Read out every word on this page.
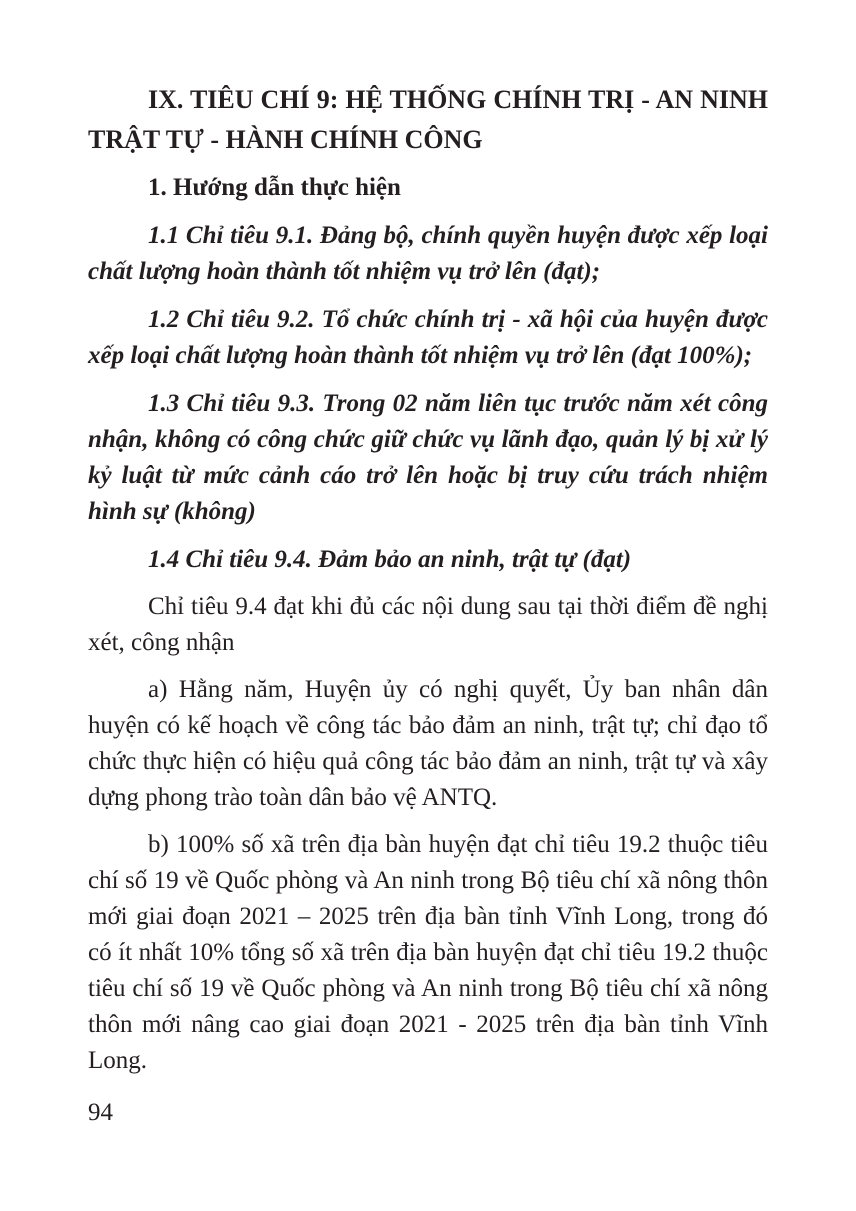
IX. TIÊU CHÍ 9: HỆ THỐNG CHÍNH TRỊ - AN NINH TRẬT TỰ - HÀNH CHÍNH CÔNG
1. Hướng dẫn thực hiện

1.1 Chỉ tiêu 9.1. Đảng bộ, chính quyền huyện được xếp loại chất lượng hoàn thành tốt nhiệm vụ trở lên (đạt);

1.2 Chỉ tiêu 9.2. Tổ chức chính trị - xã hội của huyện được xếp loại chất lượng hoàn thành tốt nhiệm vụ trở lên (đạt 100%);

1.3 Chỉ tiêu 9.3. Trong 02 năm liên tục trước năm xét công nhận, không có công chức giữ chức vụ lãnh đạo, quản lý bị xử lý kỷ luật từ mức cảnh cáo trở lên hoặc bị truy cứu trách nhiệm hình sự (không)

1.4 Chỉ tiêu 9.4. Đảm bảo an ninh, trật tự (đạt)

Chỉ tiêu 9.4 đạt khi đủ các nội dung sau tại thời điểm đề nghị xét, công nhận

a) Hằng năm, Huyện ủy có nghị quyết, Ủy ban nhân dân huyện có kế hoạch về công tác bảo đảm an ninh, trật tự; chỉ đạo tổ chức thực hiện có hiệu quả công tác bảo đảm an ninh, trật tự và xây dựng phong trào toàn dân bảo vệ ANTQ.

b) 100% số xã trên địa bàn huyện đạt chỉ tiêu 19.2 thuộc tiêu chí số 19 về Quốc phòng và An ninh trong Bộ tiêu chí xã nông thôn mới giai đoạn 2021 – 2025 trên địa bàn tỉnh Vĩnh Long, trong đó có ít nhất 10% tổng số xã trên địa bàn huyện đạt chỉ tiêu 19.2 thuộc tiêu chí số 19 về Quốc phòng và An ninh trong Bộ tiêu chí xã nông thôn mới nâng cao giai đoạn 2021 - 2025 trên địa bàn tỉnh Vĩnh Long.

94
